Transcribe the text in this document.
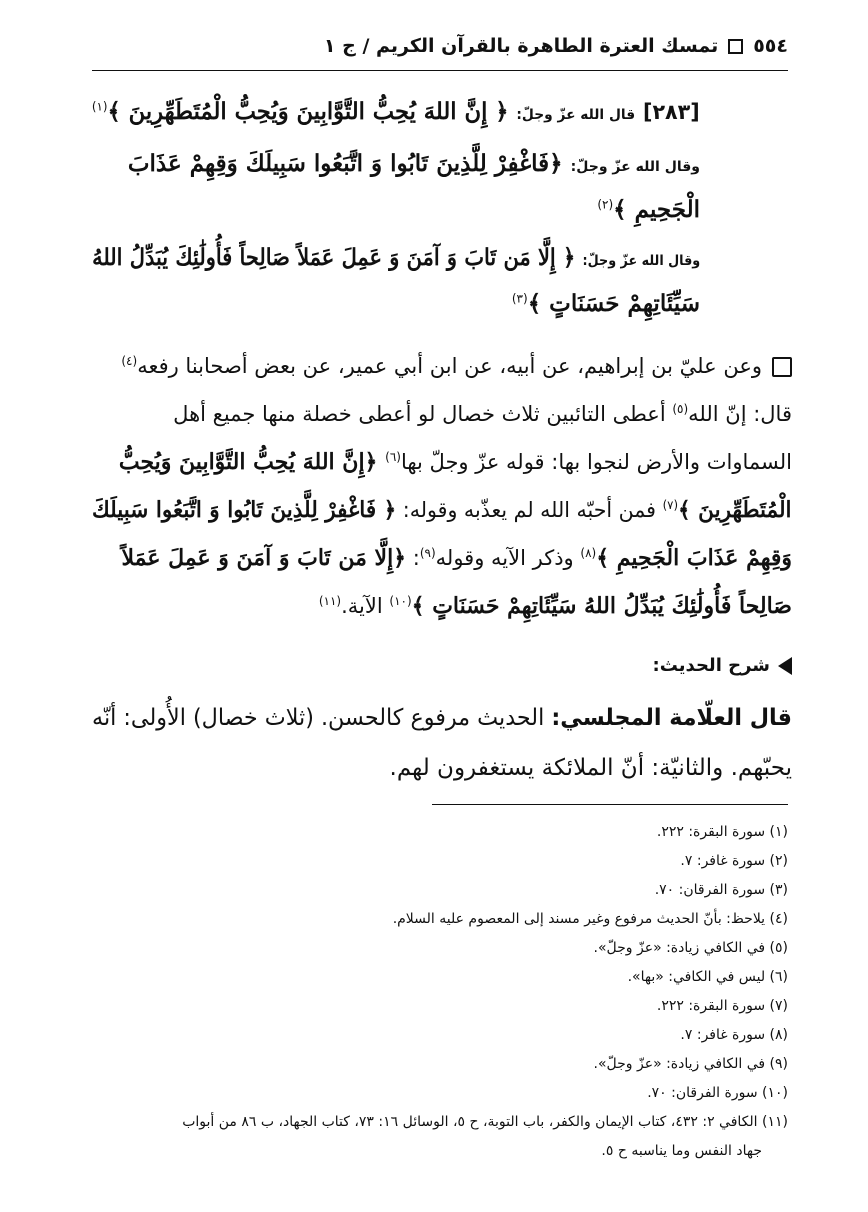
٥٥٤
تمسك العترة الطاهرة بالقرآن الكريم / ج ١
[٢٨٣] قال الله عزّ وجلّ: ﴿ إِنَّ اللهَ يُحِبُّ التَّوَّابِينَ وَيُحِبُّ الْمُتَطَهِّرِينَ ﴾$^{(١)}$
وقال الله عزّ وجلّ: ﴿فَاغْفِرْ لِلَّذِينَ تَابُوا وَ اتَّبَعُوا سَبِيلَكَ وَقِهِمْ عَذَابَ
الْجَحِيمِ ﴾$^{(٢)}$
وقال الله عزّ وجلّ: ﴿ إِلَّا مَن تَابَ وَ آمَنَ وَ عَمِلَ عَمَلاً صَالِحاً فَأُولَٰئِكَ يُبَدِّلُ اللهُ
سَيِّئَاتِهِمْ حَسَنَاتٍ ﴾$^{(٣)}$
وعن عليّ بن إبراهيم، عن أبيه، عن ابن أبي عمير، عن بعض أصحابنا رفعه$^{(٤)}$
قال: إنّ الله$^{(٥)}$ أعطى التائبين ثلاث خصال لو أعطى خصلة منها جميع أهل
السماوات والأرض لنجوا بها: قوله عزّ وجلّ بها$^{(٦)}$ ﴿إِنَّ اللهَ يُحِبُّ التَّوَّابِينَ وَيُحِبُّ
الْمُتَطَهِّرِينَ ﴾$^{(٧)}$ فمن أحبّه الله لم يعذّبه وقوله: ﴿ فَاغْفِرْ لِلَّذِينَ تَابُوا وَ اتَّبَعُوا سَبِيلَكَ
وَقِهِمْ عَذَابَ الْجَحِيمِ ﴾$^{(٨)}$ وذكر الآيه وقوله$^{(٩)}$: ﴿إِلَّا مَن تَابَ وَ آمَنَ وَ عَمِلَ عَمَلاً
صَالِحاً فَأُولَٰئِكَ يُبَدِّلُ اللهُ سَيِّئَاتِهِمْ حَسَنَاتٍ ﴾$^{(١٠)}$ الآية.$^{(١١)}$
شرح الحديث:
قال العلّامة المجلسي: الحديث مرفوع كالحسن. (ثلاث خصال) الأُولى: أنّه
يحبّهم. والثانيّة: أنّ الملائكة يستغفرون لهم.
(١) سورة البقرة: ٢٢٢.
(٢) سورة غافر: ٧.
(٣) سورة الفرقان: ٧٠.
(٤) يلاحظ: بأنّ الحديث مرفوع وغير مسند إلى المعصوم عليه السلام.
(٥) في الكافي زيادة: «عزّ وجلّ».
(٦) ليس في الكافي: «بها».
(٧) سورة البقرة: ٢٢٢.
(٨) سورة غافر: ٧.
(٩) في الكافي زيادة: «عزّ وجلّ».
(١٠) سورة الفرقان: ٧٠.
(١١) الكافي ٢: ٤٣٢، كتاب الإيمان والكفر، باب التوبة، ح ٥، الوسائل ١٦: ٧٣، كتاب الجهاد، ب ٨٦ من أبواب
جهاد النفس وما يناسبه ح ٥.
